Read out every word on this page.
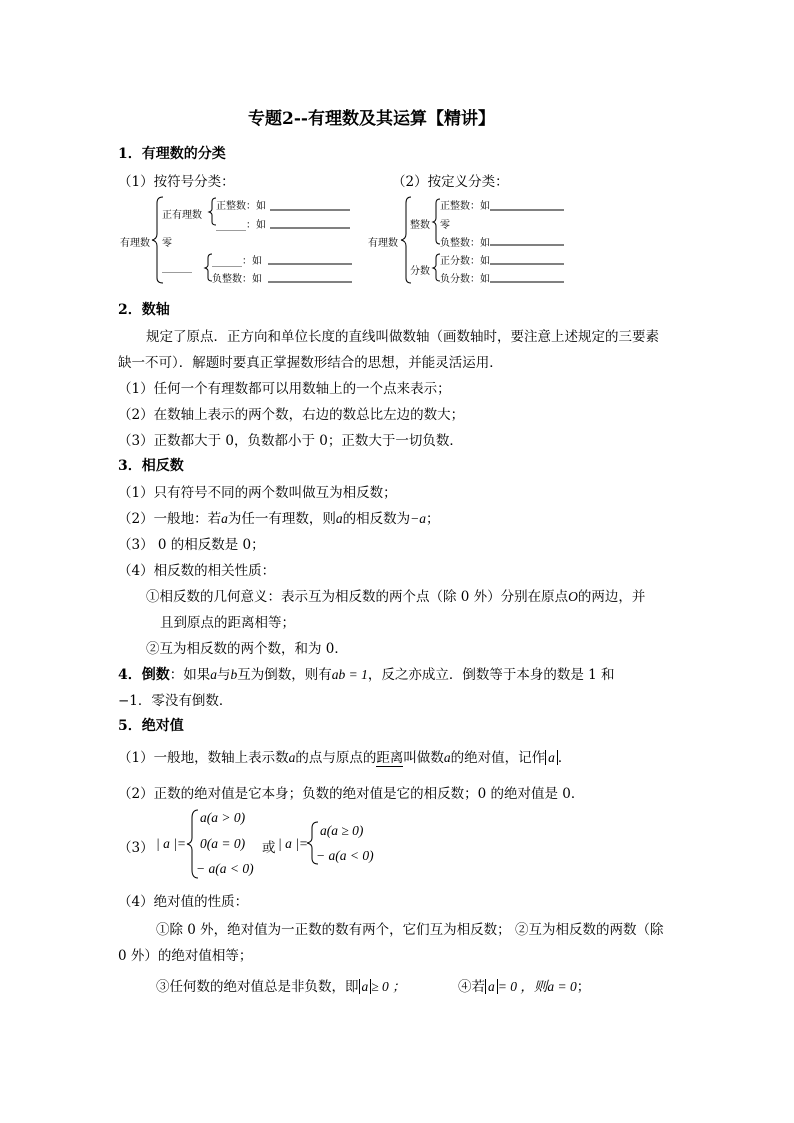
专题2--有理数及其运算【精讲】
1．有理数的分类
（1）按符号分类：	（2）按定义分类：
有理数
正有理数
正整数：如
______：如
零
______
______：如
负整数：如
有理数
整数
正整数：如
零
负整数：如
分数
正分数：如
负分数：如
2．数轴
规定了原点．正方向和单位长度的直线叫做数轴（画数轴时，要注意上述规定的三要素
缺一不可）．解题时要真正掌握数形结合的思想，并能灵活运用．
（1）任何一个有理数都可以用数轴上的一个点来表示；
（2）在数轴上表示的两个数，右边的数总比左边的数大；
（3）正数都大于 0，负数都小于 0；正数大于一切负数．
3．相反数
（1）只有符号不同的两个数叫做互为相反数；
（2）一般地：若a为任一有理数，则a的相反数为−a；
（3） 0 的相反数是 0；
（4）相反数的相关性质：
①相反数的几何意义：表示互为相反数的两个点（除 0 外）分别在原点O的两边，并
且到原点的距离相等；
②互为相反数的两个数，和为 0．
4．倒数：如果a与b互为倒数，则有ab = 1，反之亦成立．倒数等于本身的数是 1 和
−1．零没有倒数．
5．绝对值
（1）一般地，数轴上表示数a的点与原点的距离叫做数a的绝对值，记作 a ．
（2）正数的绝对值是它本身；负数的绝对值是它的相反数；0 的绝对值是 0．
（3） | a |=
a(a > 0)
0(a = 0)
− a(a < 0)
或 | a |=
a(a ≥ 0)
− a(a < 0)
（4）绝对值的性质：
①除 0 外，绝对值为一正数的数有两个，它们互为相反数； ②互为相反数的两数（除
0 外）的绝对值相等；
③任何数的绝对值总是非负数，即 a ≥ 0 ；	④若 a = 0 ，则a = 0；
